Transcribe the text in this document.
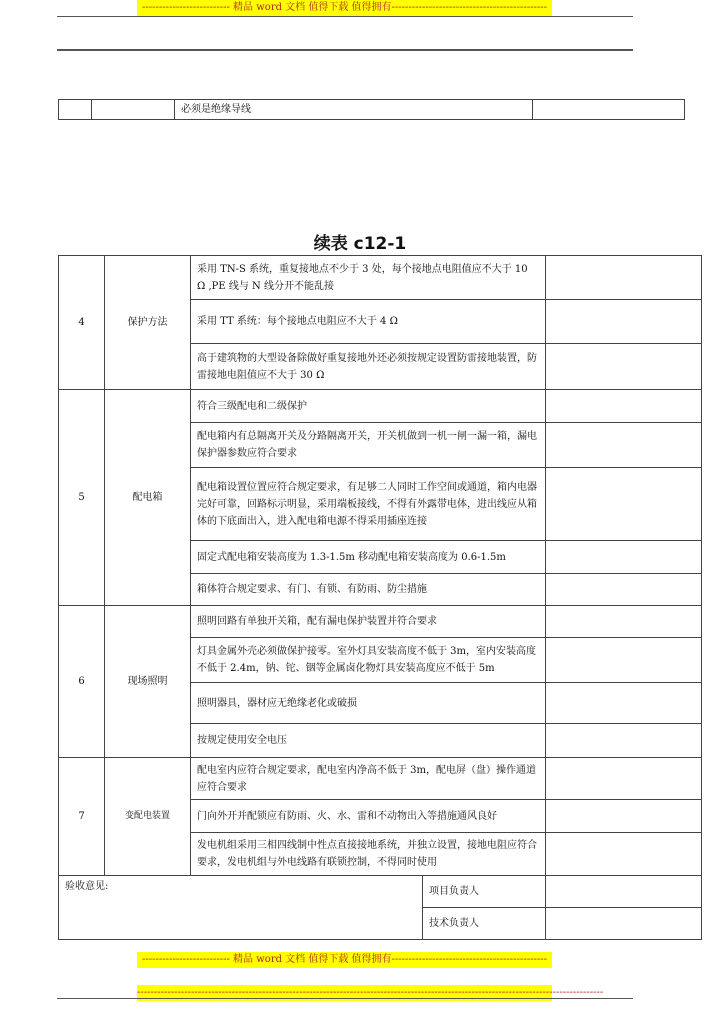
-------------------------- 精品 word 文档 值得下载 值得拥有----------------------------------------------
		必须是绝缘导线	
续表 c12-1
4	保护方法	采用 TN-S 系统，重复接地点不少于 3 处，每个接地点电阻值应不大于 10 Ω ,PE 线与 N 线分开不能乱接		
		采用 TT 系统：每个接地点电阻应不大于 4 Ω		
		高于建筑物的大型设备除做好重复接地外还必须按规定设置防雷接地装置，防雷接地电阻值应不大于 30 Ω		
5	配电箱	符合三级配电和二级保护		
		配电箱内有总隔离开关及分路隔离开关，开关机做到一机一闸一漏一箱，漏电保护器参数应符合要求		
		配电箱设置位置应符合规定要求，有足够二人同时工作空间或通道，箱内电器完好可靠，回路标示明显，采用端板接线，不得有外露带电体，进出线应从箱体的下底面出入，进入配电箱电源不得采用插座连接		
		固定式配电箱安装高度为 1.3-1.5m 移动配电箱安装高度为 0.6-1.5m		
		箱体符合规定要求、有门、有锁、有防雨、防尘措施		
6	现场照明	照明回路有单独开关箱，配有漏电保护装置并符合要求		
		灯具金属外壳必须做保护接零。室外灯具安装高度不低于 3m，室内安装高度不低于 2.4m，钠、铊、铟等金属卤化物灯具安装高度应不低于 5m		
		照明器具，器材应无绝缘老化或破损		
		按规定使用安全电压		
7	变配电装置	配电室内应符合规定要求，配电室内净高不低于 3m，配电屏（盘）操作通道应符合要求		
		门向外开并配锁应有防雨、火、水、雷和不动物出入等措施通风良好		
		发电机组采用三相四线制中性点直接接地系统，并独立设置，接地电阻应符合要求，发电机组与外电线路有联锁控制，不得同时使用		
验收意见:			项目负责人	
			技术负责人	
-------------------------- 精品 word 文档 值得下载 值得拥有----------------------------------------------
------------------------------------------------------------------------------------------------------------------------------------------
